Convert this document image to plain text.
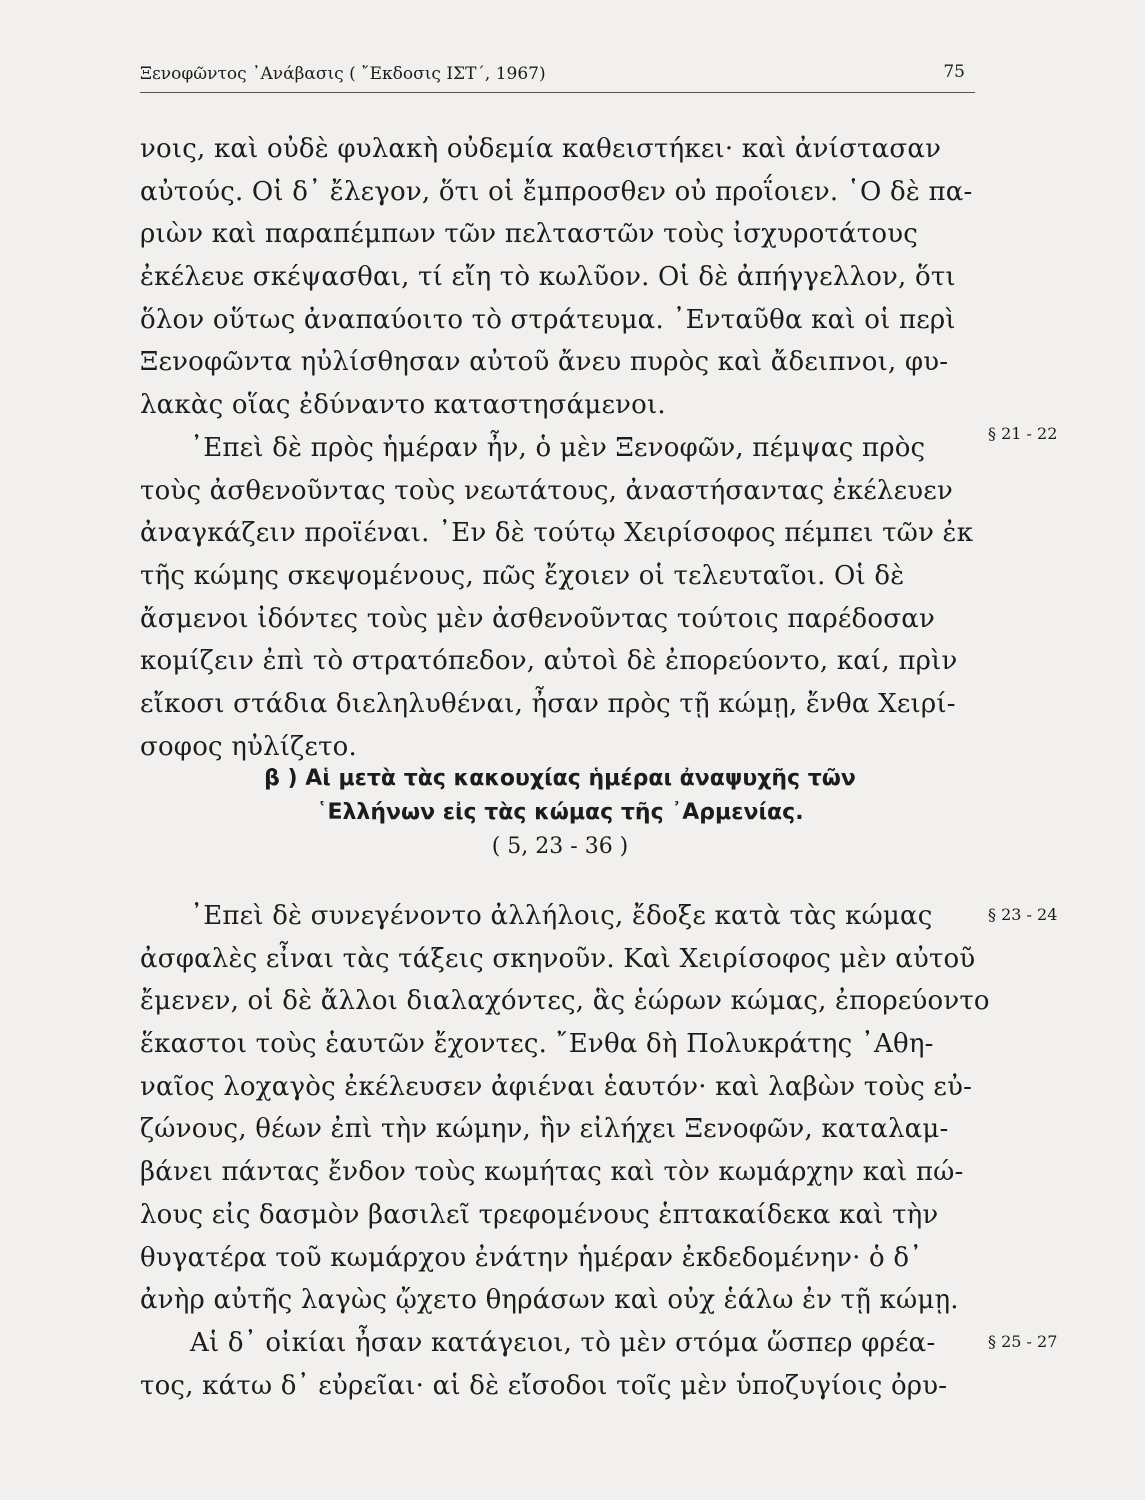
Ξενοφῶντος ᾿Ανάβασις ( ῎Εκδοσις ΙΣΤ΄, 1967)	75
νοις, καὶ οὐδὲ φυλακὴ οὐδεμία καθειστήκει· καὶ ἀνίστασαν
αὐτούς. Οἱ δ᾿ ἔλεγον, ὅτι οἱ ἔμπροσθεν οὐ προΐοιεν. ῾Ο δὲ πα-
ριὼν καὶ παραπέμπων τῶν πελταστῶν τοὺς ἰσχυροτάτους
ἐκέλευε σκέψασθαι, τί εἴη τὸ κωλῦον. Οἱ δὲ ἀπήγγελλον, ὅτι
ὅλον οὕτως ἀναπαύοιτο τὸ στράτευμα. ᾿Ενταῦθα καὶ οἱ περὶ
Ξενοφῶντα ηὐλίσθησαν αὐτοῦ ἄνευ πυρὸς καὶ ἄδειπνοι, φυ-
λακὰς οἵας ἐδύναντο καταστησάμενοι.
᾿Επεὶ δὲ πρὸς ἡμέραν ἦν, ὁ μὲν Ξενοφῶν, πέμψας πρὸς
τοὺς ἀσθενοῦντας τοὺς νεωτάτους, ἀναστήσαντας ἐκέλευεν
ἀναγκάζειν προϊέναι. ᾿Εν δὲ τούτῳ Χειρίσοφος πέμπει τῶν ἐκ
τῆς κώμης σκεψομένους, πῶς ἔχοιεν οἱ τελευταῖοι. Οἱ δὲ
ἄσμενοι ἰδόντες τοὺς μὲν ἀσθενοῦντας τούτοις παρέδοσαν
κομίζειν ἐπὶ τὸ στρατόπεδον, αὐτοὶ δὲ ἐπορεύοντο, καί, πρὶν
εἴκοσι στάδια διεληλυθέναι, ἦσαν πρὸς τῇ κώμῃ, ἔνθα Χειρί-
σοφος ηὐλίζετο.
§ 21 - 22
β ) Αἱ μετὰ τὰς κακουχίας ἡμέραι ἀναψυχῆς τῶν
῾Ελλήνων εἰς τὰς κώμας τῆς ᾿Αρμενίας.
( 5, 23 - 36 )
᾿Επεὶ δὲ συνεγένοντο ἀλλήλοις, ἔδοξε κατὰ τὰς κώμας
ἀσφαλὲς εἶναι τὰς τάξεις σκηνοῦν. Καὶ Χειρίσοφος μὲν αὐτοῦ
ἔμενεν, οἱ δὲ ἄλλοι διαλαχόντες, ἃς ἑώρων κώμας, ἐπορεύοντο
ἕκαστοι τοὺς ἑαυτῶν ἔχοντες. ῎Ενθα δὴ Πολυκράτης ᾿Αθη-
ναῖος λοχαγὸς ἐκέλευσεν ἀφιέναι ἑαυτόν· καὶ λαβὼν τοὺς εὐ-
ζώνους, θέων ἐπὶ τὴν κώμην, ἣν εἰλήχει Ξενοφῶν, καταλαμ-
βάνει πάντας ἔνδον τοὺς κωμήτας καὶ τὸν κωμάρχην καὶ πώ-
λους εἰς δασμὸν βασιλεῖ τρεφομένους ἑπτακαίδεκα καὶ τὴν
θυγατέρα τοῦ κωμάρχου ἐνάτην ἡμέραν ἐκδεδομένην· ὁ δ᾿
ἀνὴρ αὐτῆς λαγὼς ᾤχετο θηράσων καὶ οὐχ ἑάλω ἐν τῇ κώμῃ.
Αἱ δ᾿ οἰκίαι ἦσαν κατάγειοι, τὸ μὲν στόμα ὥσπερ φρέα-
τος, κάτω δ᾿ εὐρεῖαι· αἱ δὲ εἴσοδοι τοῖς μὲν ὑποζυγίοις ὀρυ-
§ 23 - 24
§ 25 - 27
